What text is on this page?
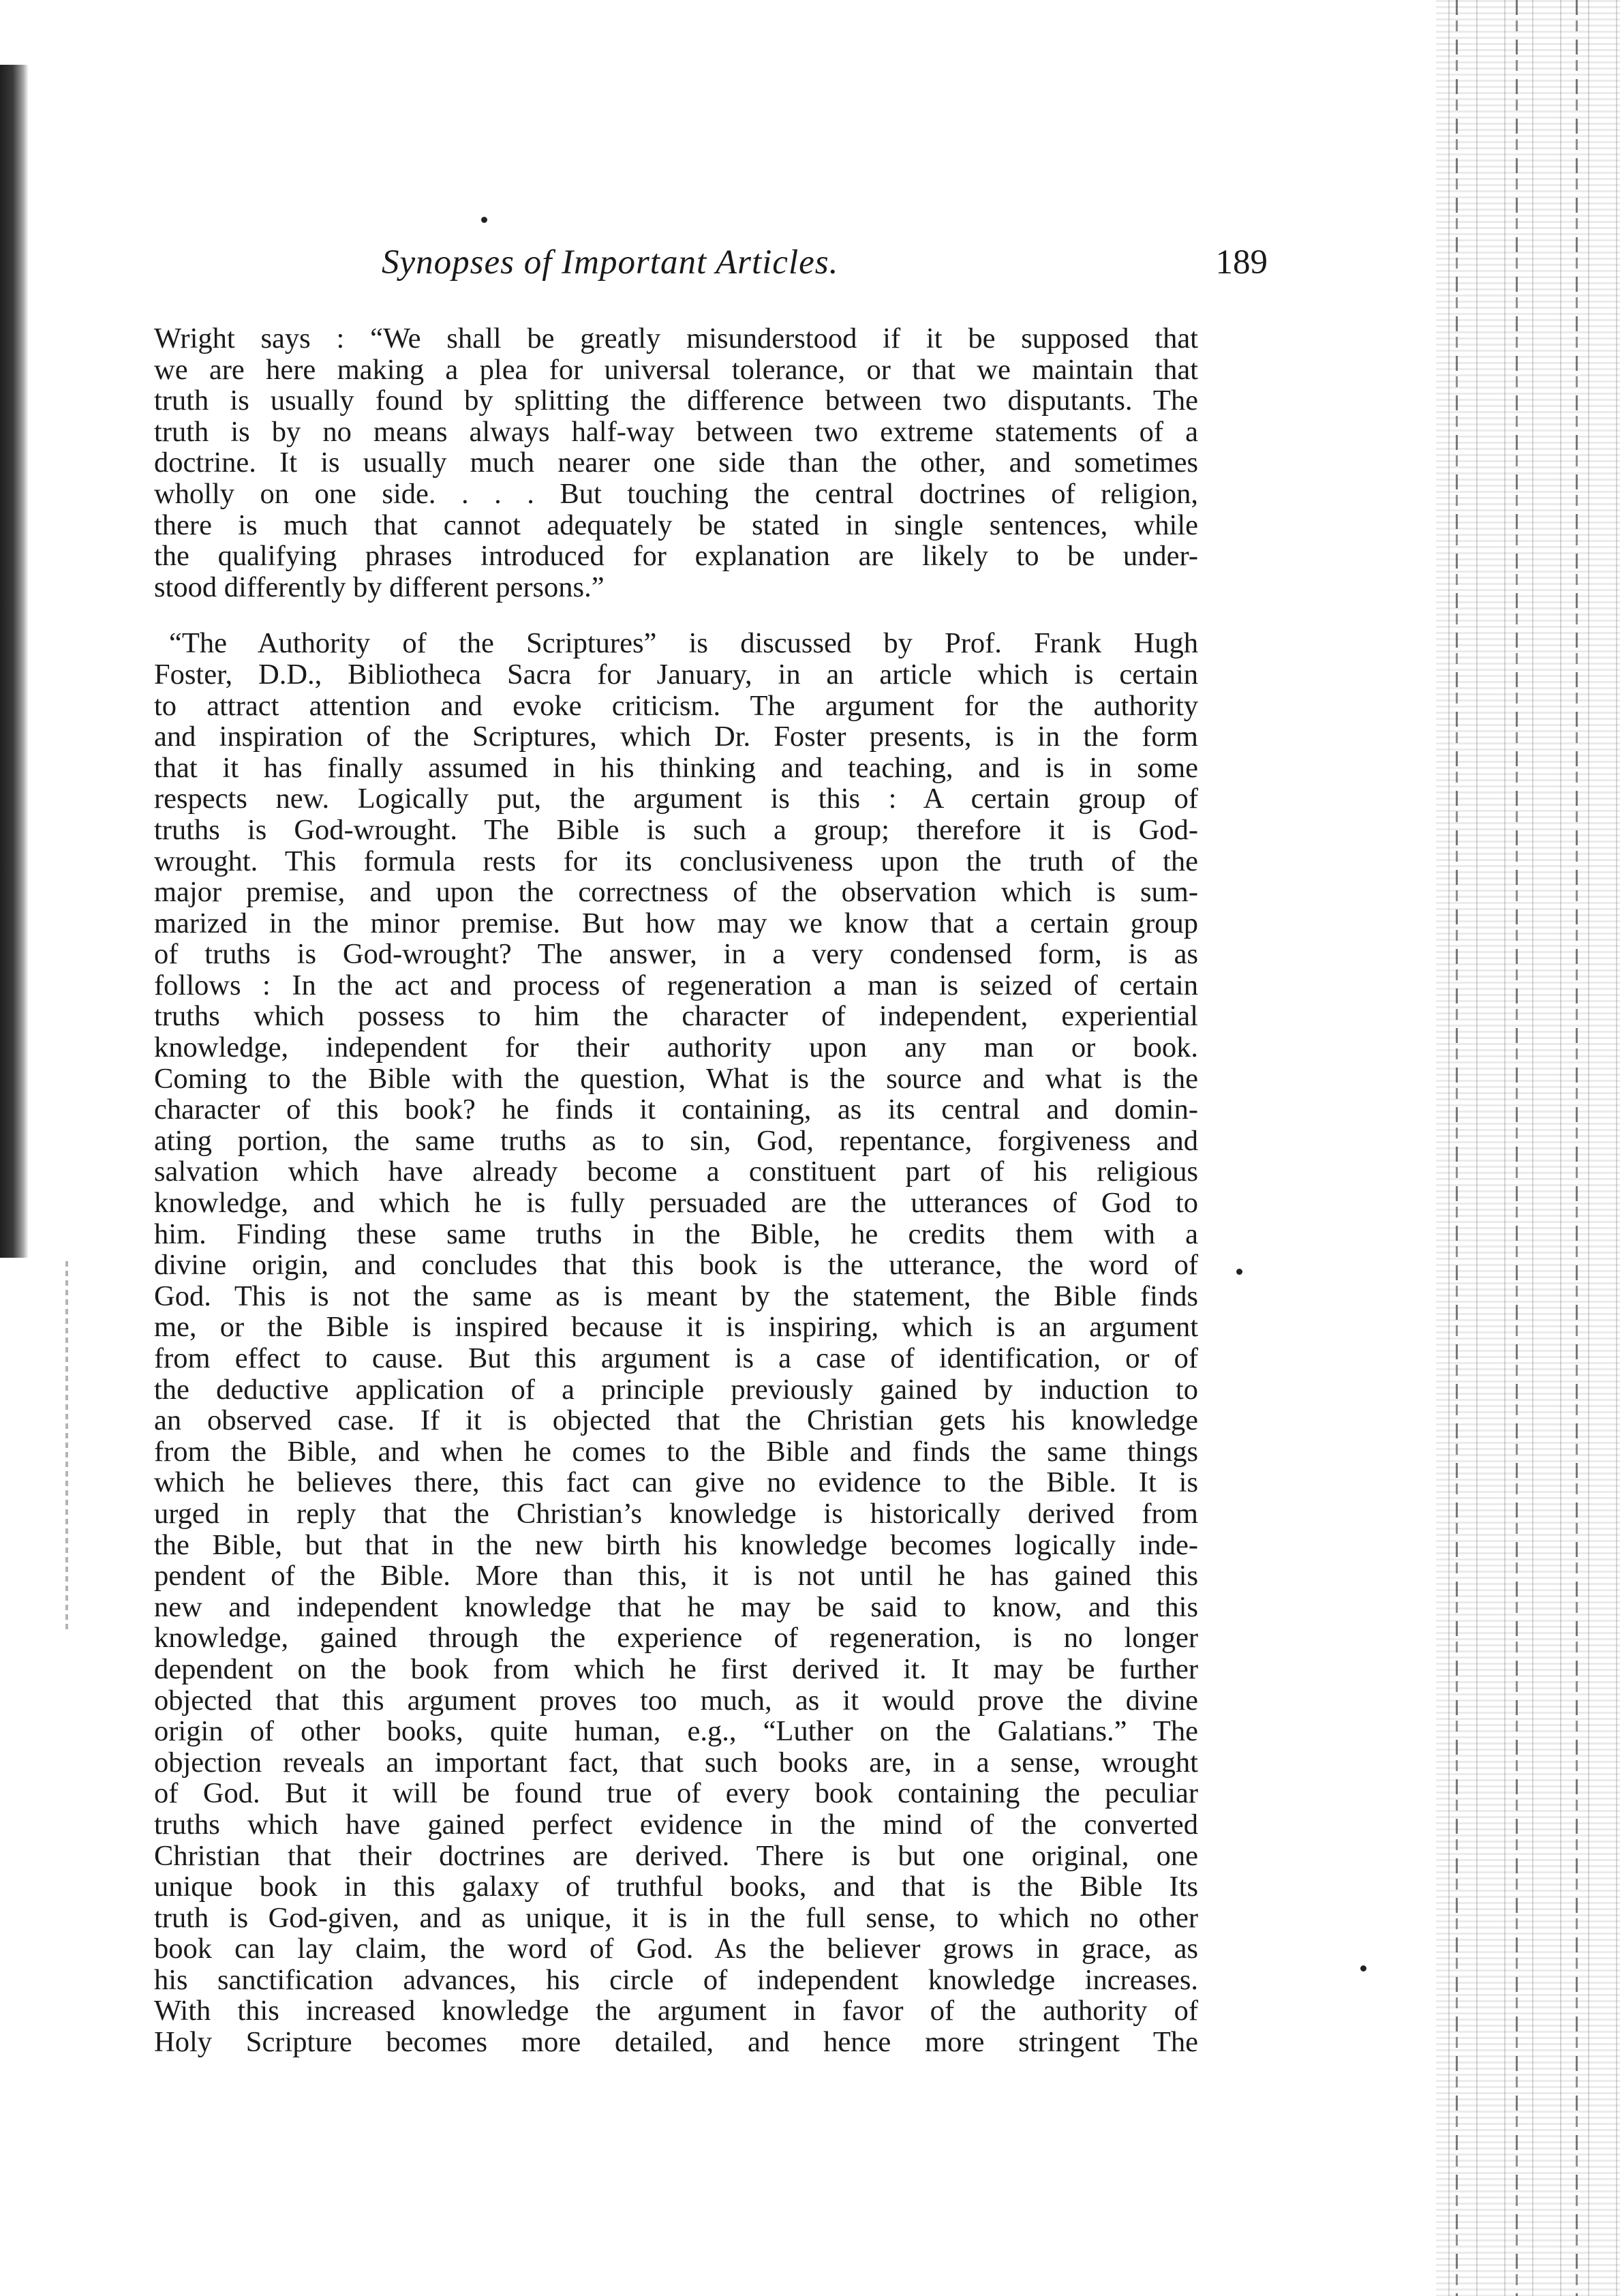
Synopses of Important Articles.	189
Wright says : “We shall be greatly misunderstood if it be supposed that
we are here making a plea for universal tolerance, or that we maintain that
truth is usually found by splitting the difference between two disputants. The
truth is by no means always half-way between two extreme statements of a
doctrine. It is usually much nearer one side than the other, and sometimes
wholly on one side. . . . But touching the central doctrines of religion,
there is much that cannot adequately be stated in single sentences, while
the qualifying phrases introduced for explanation are likely to be under-
stood differently by different persons.”
“The Authority of the Scriptures” is discussed by Prof. Frank Hugh
Foster, D.D., Bibliotheca Sacra for January, in an article which is certain
to attract attention and evoke criticism. The argument for the authority
and inspiration of the Scriptures, which Dr. Foster presents, is in the form
that it has finally assumed in his thinking and teaching, and is in some
respects new. Logically put, the argument is this : A certain group of
truths is God-wrought. The Bible is such a group; therefore it is God-
wrought. This formula rests for its conclusiveness upon the truth of the
major premise, and upon the correctness of the observation which is sum-
marized in the minor premise. But how may we know that a certain group
of truths is God-wrought? The answer, in a very condensed form, is as
follows : In the act and process of regeneration a man is seized of certain
truths which possess to him the character of independent, experiential
knowledge, independent for their authority upon any man or book.
Coming to the Bible with the question, What is the source and what is the
character of this book? he finds it containing, as its central and domin-
ating portion, the same truths as to sin, God, repentance, forgiveness and
salvation which have already become a constituent part of his religious
knowledge, and which he is fully persuaded are the utterances of God to
him. Finding these same truths in the Bible, he credits them with a
divine origin, and concludes that this book is the utterance, the word of
God. This is not the same as is meant by the statement, the Bible finds
me, or the Bible is inspired because it is inspiring, which is an argument
from effect to cause. But this argument is a case of identification, or of
the deductive application of a principle previously gained by induction to
an observed case. If it is objected that the Christian gets his knowledge
from the Bible, and when he comes to the Bible and finds the same things
which he believes there, this fact can give no evidence to the Bible. It is
urged in reply that the Christian’s knowledge is historically derived from
the Bible, but that in the new birth his knowledge becomes logically inde-
pendent of the Bible. More than this, it is not until he has gained this
new and independent knowledge that he may be said to know, and this
knowledge, gained through the experience of regeneration, is no longer
dependent on the book from which he first derived it. It may be further
objected that this argument proves too much, as it would prove the divine
origin of other books, quite human, e.g., “Luther on the Galatians.” The
objection reveals an important fact, that such books are, in a sense, wrought
of God. But it will be found true of every book containing the peculiar
truths which have gained perfect evidence in the mind of the converted
Christian that their doctrines are derived. There is but one original, one
unique book in this galaxy of truthful books, and that is the Bible Its
truth is God-given, and as unique, it is in the full sense, to which no other
book can lay claim, the word of God. As the believer grows in grace, as
his sanctification advances, his circle of independent knowledge increases.
With this increased knowledge the argument in favor of the authority of
Holy Scripture becomes more detailed, and hence more stringent The
